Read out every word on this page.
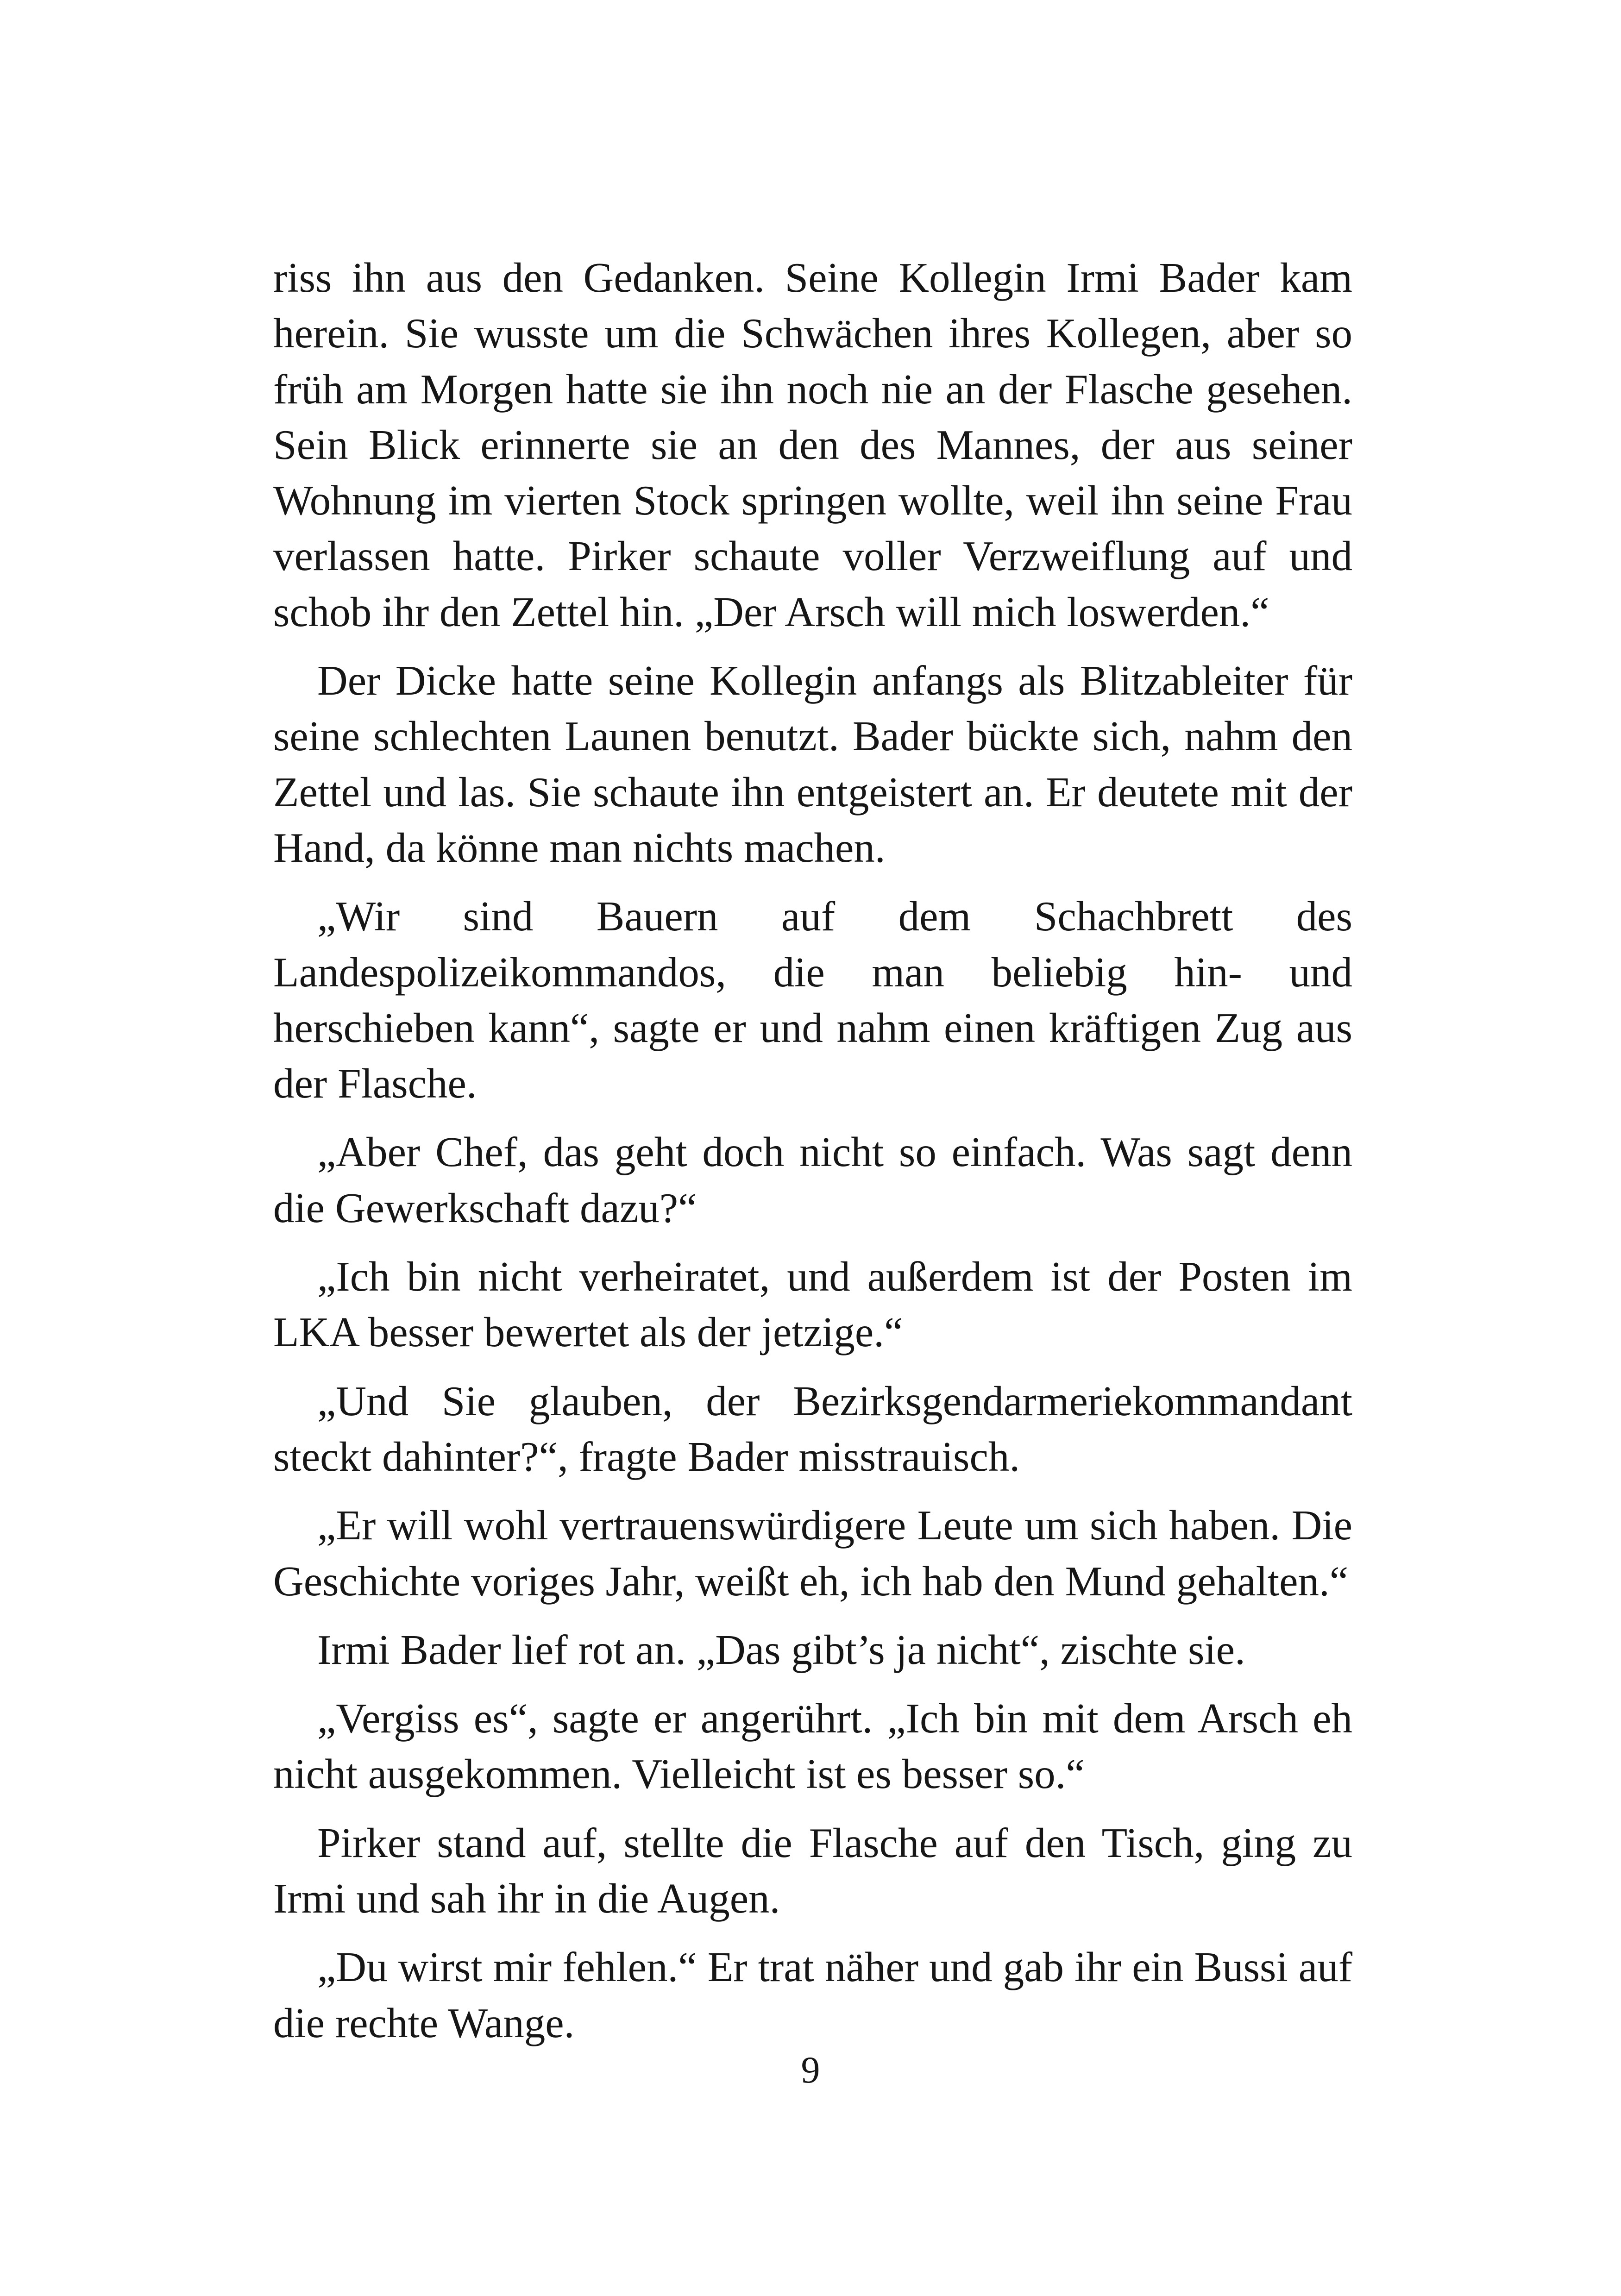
riss ihn aus den Gedanken. Seine Kollegin Irmi Bader kam herein. Sie wusste um die Schwächen ihres Kollegen, aber so früh am Morgen hatte sie ihn noch nie an der Flasche gesehen. Sein Blick erinnerte sie an den des Mannes, der aus seiner Wohnung im vierten Stock springen wollte, weil ihn seine Frau verlassen hatte. Pirker schaute voller Verzweiflung auf und schob ihr den Zettel hin. „Der Arsch will mich loswerden.“

Der Dicke hatte seine Kollegin anfangs als Blitzableiter für seine schlechten Launen benutzt. Bader bückte sich, nahm den Zettel und las. Sie schaute ihn entgeistert an. Er deutete mit der Hand, da könne man nichts machen.

„Wir sind Bauern auf dem Schachbrett des Landespolizeikommandos, die man beliebig hin- und herschieben kann“, sagte er und nahm einen kräftigen Zug aus der Flasche.

„Aber Chef, das geht doch nicht so einfach. Was sagt denn die Gewerkschaft dazu?“

„Ich bin nicht verheiratet, und außerdem ist der Posten im LKA besser bewertet als der jetzige.“

„Und Sie glauben, der Bezirksgendarmeriekommandant steckt dahinter?“, fragte Bader misstrauisch.

„Er will wohl vertrauenswürdigere Leute um sich haben. Die Geschichte voriges Jahr, weißt eh, ich hab den Mund gehalten.“

Irmi Bader lief rot an. „Das gibt’s ja nicht“, zischte sie.

„Vergiss es“, sagte er angerührt. „Ich bin mit dem Arsch eh nicht ausgekommen. Vielleicht ist es besser so.“

Pirker stand auf, stellte die Flasche auf den Tisch, ging zu Irmi und sah ihr in die Augen.

„Du wirst mir fehlen.“ Er trat näher und gab ihr ein Bussi auf die rechte Wange.

9
